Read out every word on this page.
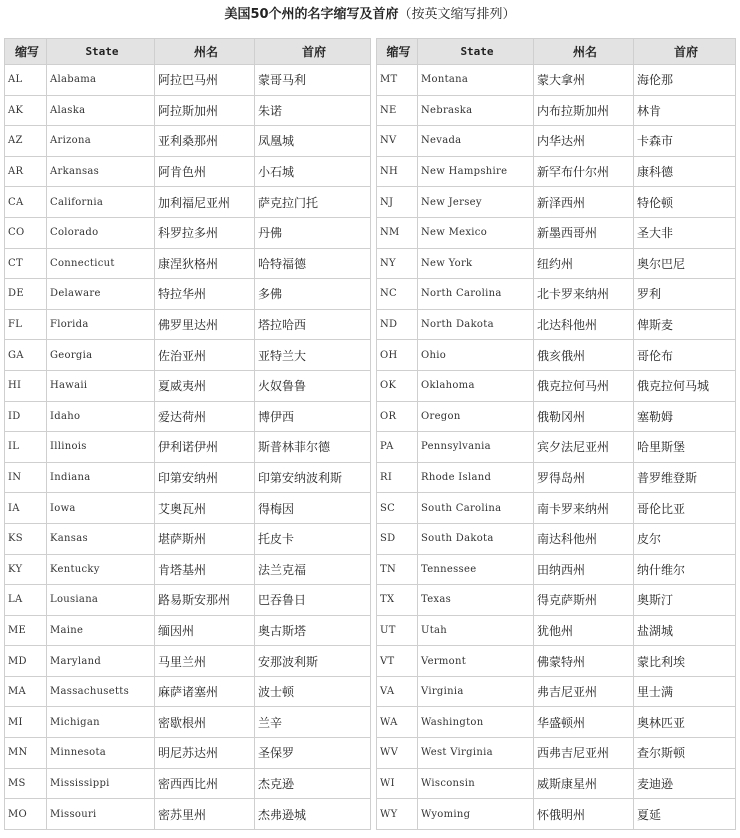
美国50个州的名字缩写及首府（按英文缩写排列）
缩写	State	州名	首府
AL	Alabama	阿拉巴马州	蒙哥马利
AK	Alaska	阿拉斯加州	朱诺
AZ	Arizona	亚利桑那州	凤凰城
AR	Arkansas	阿肯色州	小石城
CA	California	加利福尼亚州	萨克拉门托
CO	Colorado	科罗拉多州	丹佛
CT	Connecticut	康涅狄格州	哈特福德
DE	Delaware	特拉华州	多佛
FL	Florida	佛罗里达州	塔拉哈西
GA	Georgia	佐治亚州	亚特兰大
HI	Hawaii	夏威夷州	火奴鲁鲁
ID	Idaho	爱达荷州	博伊西
IL	Illinois	伊利诺伊州	斯普林菲尔德
IN	Indiana	印第安纳州	印第安纳波利斯
IA	Iowa	艾奥瓦州	得梅因
KS	Kansas	堪萨斯州	托皮卡
KY	Kentucky	肯塔基州	法兰克福
LA	Lousiana	路易斯安那州	巴吞鲁日
ME	Maine	缅因州	奥古斯塔
MD	Maryland	马里兰州	安那波利斯
MA	Massachusetts	麻萨诸塞州	波士顿
MI	Michigan	密歇根州	兰辛
MN	Minnesota	明尼苏达州	圣保罗
MS	Mississippi	密西西比州	杰克逊
MO	Missouri	密苏里州	杰弗逊城
缩写	State	州名	首府
MT	Montana	蒙大拿州	海伦那
NE	Nebraska	内布拉斯加州	林肯
NV	Nevada	内华达州	卡森市
NH	New Hampshire	新罕布什尔州	康科德
NJ	New Jersey	新泽西州	特伦顿
NM	New Mexico	新墨西哥州	圣大非
NY	New York	纽约州	奥尔巴尼
NC	North Carolina	北卡罗来纳州	罗利
ND	North Dakota	北达科他州	俾斯麦
OH	Ohio	俄亥俄州	哥伦布
OK	Oklahoma	俄克拉何马州	俄克拉何马城
OR	Oregon	俄勒冈州	塞勒姆
PA	Pennsylvania	宾夕法尼亚州	哈里斯堡
RI	Rhode Island	罗得岛州	普罗维登斯
SC	South Carolina	南卡罗来纳州	哥伦比亚
SD	South Dakota	南达科他州	皮尔
TN	Tennessee	田纳西州	纳什维尔
TX	Texas	得克萨斯州	奥斯汀
UT	Utah	犹他州	盐湖城
VT	Vermont	佛蒙特州	蒙比利埃
VA	Virginia	弗吉尼亚州	里士满
WA	Washington	华盛顿州	奥林匹亚
WV	West Virginia	西弗吉尼亚州	查尔斯顿
WI	Wisconsin	威斯康星州	麦迪逊
WY	Wyoming	怀俄明州	夏延
